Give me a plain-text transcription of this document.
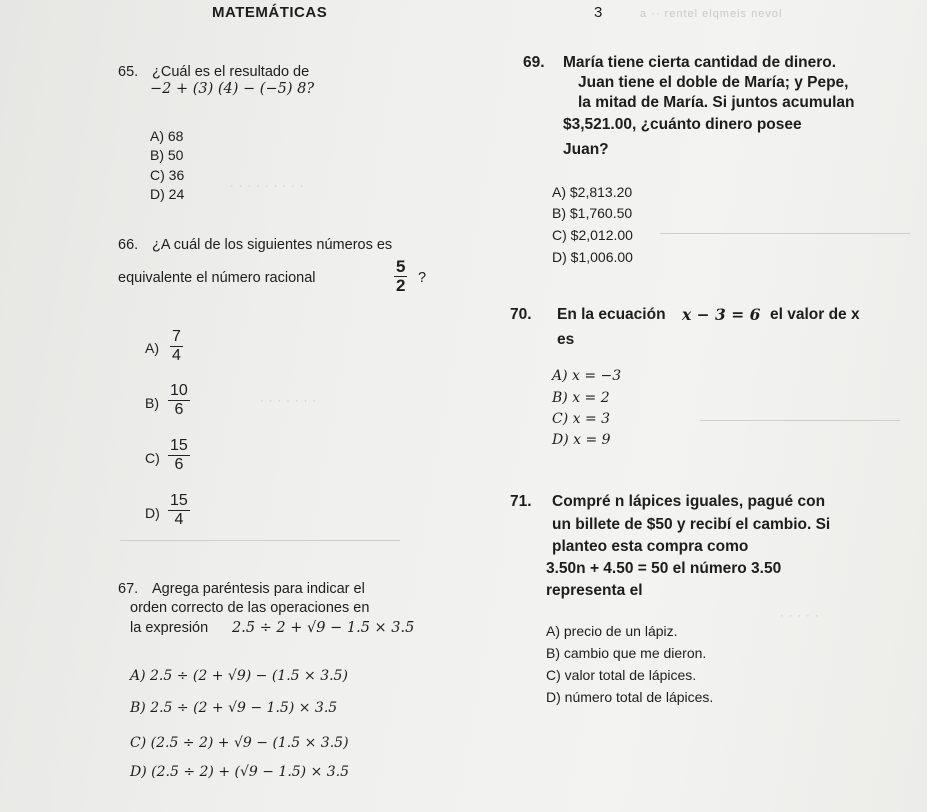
a ·· rentel elqmeis nevol
· · · · · · · · ·
· · · · · · ·
· · · · ·
MATEMÁTICAS	3
65. ¿Cuál es el resultado de
−2 + (3) (4) − (−5) 8?
A) 68
B) 50
C) 36
D) 24
66. ¿A cuál de los siguientes números es
equivalente el número racional	$\frac{5}{2}$ ?
$A) \frac{7}{4}$
$B) \frac{10}{6}$
$C) \frac{15}{6}$
$D) \frac{15}{4}$
67. Agrega paréntesis para indicar el
orden correcto de las operaciones en
la expresión 2.5 ÷ 2 + √9 − 1.5 × 3.5
A) 2.5 ÷ (2 + √9) − (1.5 × 3.5)
B) 2.5 ÷ (2 + √9 − 1.5) × 3.5
C) (2.5 ÷ 2) + √9 − (1.5 × 3.5)
D) (2.5 ÷ 2) + (√9 − 1.5) × 3.5
69. María tiene cierta cantidad de dinero.
Juan tiene el doble de María; y Pepe,
la mitad de María. Si juntos acumulan
$3,521.00, ¿cuánto dinero posee
Juan?
A) $2,813.20
B) $1,760.50
C) $2,012.00
D) $1,006.00
70. En la ecuación x − 3 = 6 el valor de x
es
A) x = −3
B) x = 2
C) x = 3
D) x = 9
71. Compré n lápices iguales, pagué con
un billete de $50 y recibí el cambio. Si
planteo esta compra como
3.50n + 4.50 = 50 el número 3.50
representa el
A) precio de un lápiz.
B) cambio que me dieron.
C) valor total de lápices.
D) número total de lápices.
